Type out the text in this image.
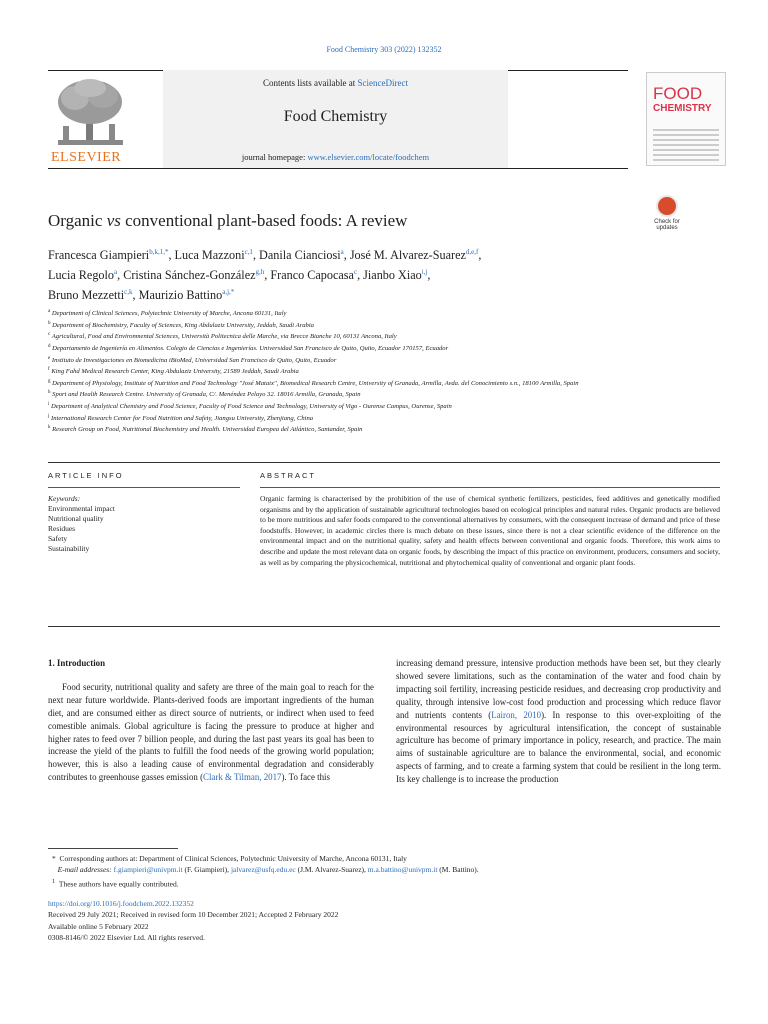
Food Chemistry 303 (2022) 132352
ELSEVIER
Contents lists available at ScienceDirect
Food Chemistry
journal homepage: www.elsevier.com/locate/foodchem
FOOD
CHEMISTRY
Check for updates
Organic vs conventional plant-based foods: A review
Francesca Giampieri$^{b,k,1,*}$, Luca Mazzoni$^{c,1}$, Danila Cianciosi$^a$, José M. Alvarez-Suarez$^{d,e,f}$,
Lucia Regolo$^a$, Cristina Sánchez-González$^{g,h}$, Franco Capocasa$^c$, Jianbo Xiao$^{i,j}$,
Bruno Mezzetti$^{c,k}$, Maurizio Battino$^{a,j,*}$
$^a$ Department of Clinical Sciences, Polytechnic University of Marche, Ancona 60131, Italy
$^b$ Department of Biochemistry, Faculty of Sciences, King Abdulaziz University, Jeddah, Saudi Arabia
$^c$ Agricultural, Food and Environmental Sciences, Università Politecnica delle Marche, via Brecce Bianche 10, 60131 Ancona, Italy
$^d$ Departamento de Ingeniería en Alimentos. Colegio de Ciencias e Ingenierías. Universidad San Francisco de Quito, Quito, Ecuador 170157, Ecuador
$^e$ Instituto de Investigaciones en Biomedicina iBioMed, Universidad San Francisco de Quito, Quito, Ecuador
$^f$ King Fahd Medical Research Center, King Abdulaziz University, 21589 Jeddah, Saudi Arabia
$^g$ Department of Physiology, Institute of Nutrition and Food Technology "José Mataix", Biomedical Research Centre, University of Granada, Armilla, Avda. del Conocimiento s.n., 18100 Armilla, Spain
$^h$ Sport and Health Research Centre. University of Granada, C/. Menéndez Pelayo 32. 18016 Armilla, Granada, Spain
$^i$ Department of Analytical Chemistry and Food Science, Faculty of Food Science and Technology, University of Vigo - Ourense Campus, Ourense, Spain
$^j$ International Research Center for Food Nutrition and Safety, Jiangsu University, Zhenjiang, China
$^k$ Research Group on Food, Nutritional Biochemistry and Health. Universidad Europea del Atlántico, Santander, Spain
ARTICLE INFO	ABSTRACT
Keywords:
Environmental impact
Nutritional quality
Residues
Safety
Sustainability
Organic farming is characterised by the prohibition of the use of chemical synthetic fertilizers, pesticides, feed additives and genetically modified organisms and by the application of sustainable agricultural technologies based on ecological principles and natural rules. Organic products are believed to be more nutritious and safer foods compared to the conventional alternatives by consumers, with the consequent increase of demand and price of these foodstuffs. However, in academic circles there is much debate on these issues, since there is not a clear scientific evidence of the difference on the environmental impact and on the nutritional quality, safety and health effects between conventional and organic foods. Therefore, this work aims to describe and update the most relevant data on organic foods, by describing the impact of this practice on environment, producers, consumers and society, as well as by comparing the physicochemical, nutritional and phytochemical quality of conventional and organic plant foods.
1. Introduction
Food security, nutritional quality and safety are three of the main goal to reach for the next near future worldwide. Plants-derived foods are important ingredients of the human diet, and are consumed either as direct source of nutrients, or indirect when used to feed comestible animals. Global agriculture is facing the pressure to produce at higher and higher rates to feed over 7 billion people, and during the last past years its goal has been to increase the yield of the plants to fulfill the food needs of the growing world population; however, this is also a leading cause of environmental degradation and considerably contributes to greenhouse gasses emission (Clark & Tilman, 2017). To face this
increasing demand pressure, intensive production methods have been set, but they clearly showed severe limitations, such as the contamination of the water and food chain by impacting soil fertility, increasing pesticide residues, and decreasing crop productivity and quality, through intensive low-cost food production and processing which reduce flavor and nutrients contents (Lairon, 2010). In response to this over-exploiting of the environmental resources by agricultural intensification, the concept of sustainable agriculture has become of primary importance in policy, research, and practice. The main aims of sustainable agriculture are to balance the environmental, social, and economic aspects of farming, and to create a farming system that could be resilient in the long term. Its key challenge is to increase the production
* Corresponding authors at: Department of Clinical Sciences, Polytechnic University of Marche, Ancona 60131, Italy
E-mail addresses: f.giampieri@univpm.it (F. Giampieri), jalvarez@usfq.edu.ec (J.M. Alvarez-Suarez), m.a.battino@univpm.it (M. Battino).
$^1$ These authors have equally contributed.
https://doi.org/10.1016/j.foodchem.2022.132352
Received 29 July 2021; Received in revised form 10 December 2021; Accepted 2 February 2022
Available online 5 February 2022
0308-8146/© 2022 Elsevier Ltd. All rights reserved.
